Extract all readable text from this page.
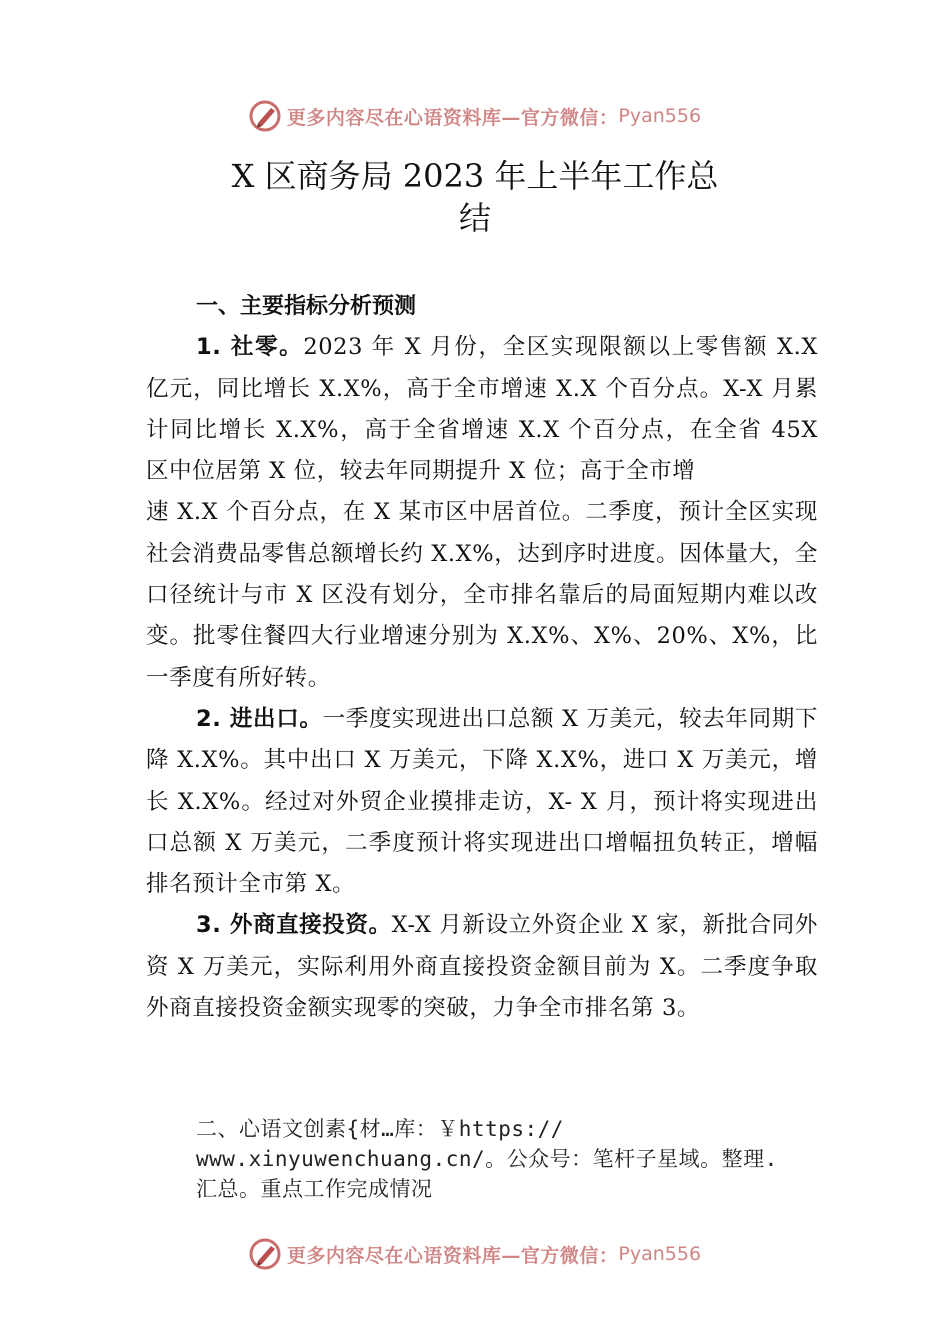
更多内容尽在心语资料库—官方微信： Pyan556
X 区商务局 2023 年上半年工作总
结

一、主要指标分析预测

1. 社零。2023 年 X 月份，全区实现限额以上零售额 X.X 亿元，同比增长 X.X%，高于全市增速 X.X 个百分点。X-X 月累计同比增长 X.X%，高于全省增速 X.X 个百分点，在全省 45X 区中位居第 X 位，较去年同期提升 X 位；高于全市增

速 X.X 个百分点，在 X 某市区中居首位。二季度，预计全区实现社会消费品零售总额增长约 X.X%，达到序时进度。因体量大，全口径统计与市 X 区没有划分，全市排名靠后的局面短期内难以改变。批零住餐四大行业增速分别为 X.X%、X%、20%、X%，比一季度有所好转。

2. 进出口。一季度实现进出口总额 X 万美元，较去年同期下降 X.X%。其中出口 X 万美元，下降 X.X%，进口 X 万美元，增长 X.X%。经过对外贸企业摸排走访，X- X 月，预计将实现进出口总额 X 万美元，二季度预计将实现进出口增幅扭负转正，增幅排名预计全市第 X。

3. 外商直接投资。X-X 月新设立外资企业 X 家，新批合同外资 X 万美元，实际利用外商直接投资金额目前为 X。二季度争取外商直接投资金额实现零的突破，力争全市排名第 3。

二、心语文创素{材…库：￥https://
www.xinyuwenchuang.cn/。公众号：笔杆子星域。整理.
汇总。重点工作完成情况
更多内容尽在心语资料库—官方微信： Pyan556
